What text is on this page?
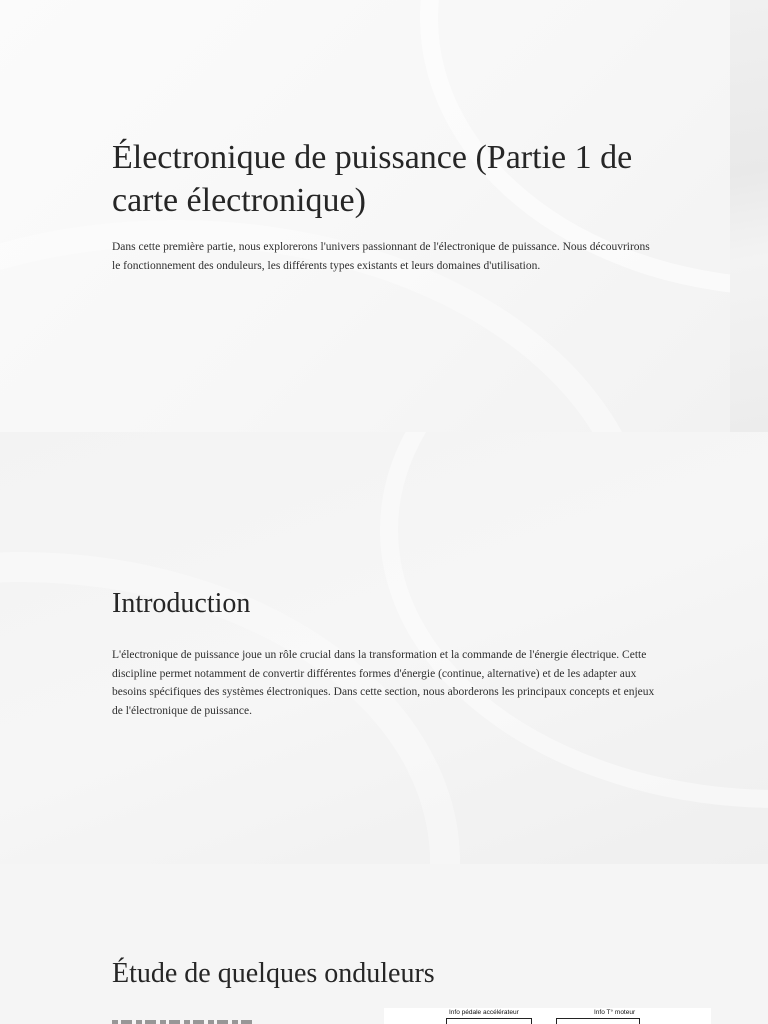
Électronique de puissance (Partie 1 de carte électronique)

Dans cette première partie, nous explorerons l'univers passionnant de l'électronique de puissance. Nous découvrirons le fonctionnement des onduleurs, les différents types existants et leurs domaines d'utilisation.

Introduction

L'électronique de puissance joue un rôle crucial dans la transformation et la commande de l'énergie électrique. Cette discipline permet notamment de convertir différentes formes d'énergie (continue, alternative) et de les adapter aux besoins spécifiques des systèmes électroniques. Dans cette section, nous aborderons les principaux concepts et enjeux de l'électronique de puissance.

Étude de quelques onduleurs
Info pédale accélérateur	Info T° moteur
